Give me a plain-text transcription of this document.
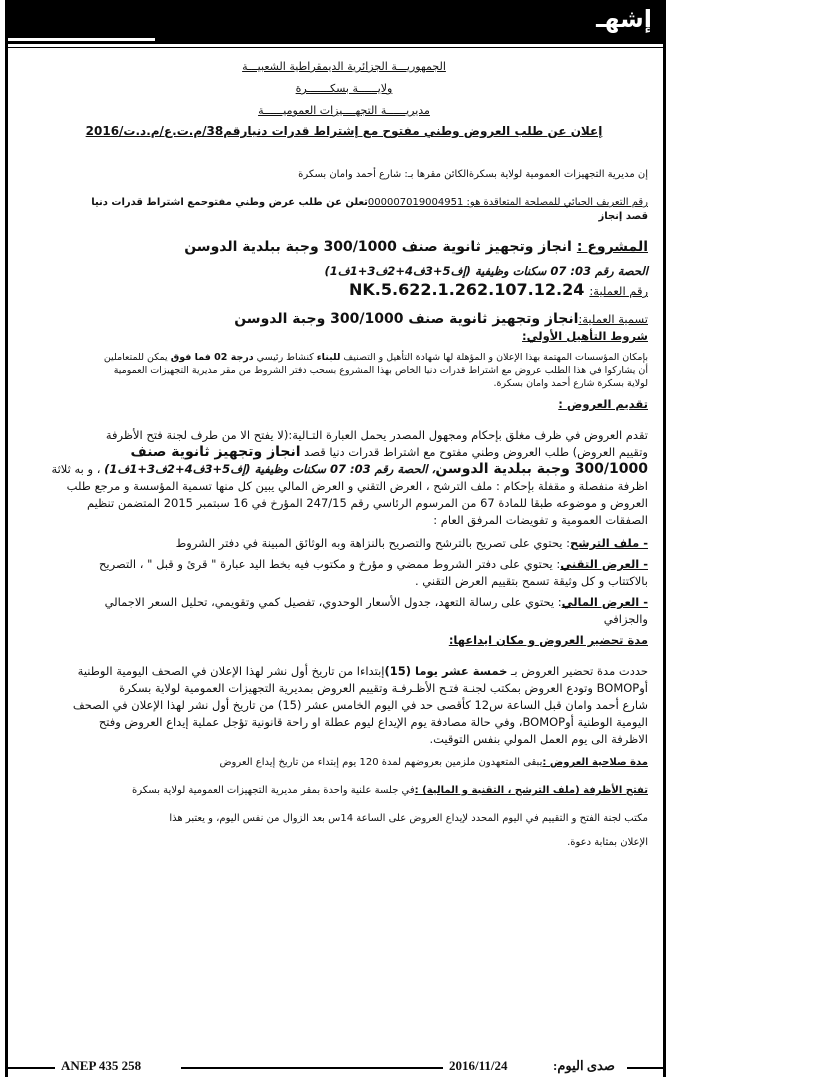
إشهـ
الجمهوريـــة الجزائرية الديمقراطية الشعبيـــة
ولايــــــة بسكـــــــرة
مديريــــــة التجهــــيزات العموميــــــة
إعلان عن طلب العروض وطني مفتوح مع إشتراط قدرات دنيارقم38/م.ت.ع/م.د.ت/2016

إن مديرية التجهيزات العمومية لولاية بسكرةالكائن مقرها بـ: شارع أحمد وامان بسكرة

رقم التعريف الجبائي للمصلحة المتعاقدة هو: 000007019004951تعلن عن طلب عرض وطني مفتوحمع اشتراط قدرات دنيا

قصد إنجاز

المشروع : انجاز وتجهيز ثانوية صنف 300/1000 وجبة ببلدية الدوسن

الحصة رقم 03: 07 سكنات وظيفية (إف5+3ف4+2ف3+1ف1)

رقم العملية: NK.5.622.1.262.107.12.24

تسمية العملية:انجاز وتجهيز ثانوية صنف 300/1000 وجبة الدوسن

شروط التأهيل الأولي:

بإمكان المؤسسات المهتمة بهذا الإعلان و المؤهلة لها شهادة التأهيل و التصنيف للبناء كنشاط رئيسي درجة 02 فما فوق يمكن للمتعاملين

أن يشاركوا في هذا الطلب عروض مع اشتراط قدرات دنيا الخاص بهذا المشروع بسحب دفتر الشروط من مقر مديرية التجهيزات العمومية

لولاية بسكرة شارع أحمد وامان بسكرة.

تقديم العروض :

تقدم العروض في ظرف مغلق بإحكام ومجهول المصدر يحمل العبارة التـالية:(لا يفتح الا من طرف لجنة فتح الأظرفة

وتقييم العروض) طلب العروض وطني مفتوح مع اشتراط قدرات دنيا قصد انجاز وتجهيز ثانوية صنف

300/1000 وجبة ببلدية الدوسن، الحصة رقم 03: 07 سكنات وظيفية (إف5+3ف4+2ف3+1ف1) ، و به ثلاثة

اظرفة منفصلة و مقفلة بإحكام : ملف الترشح ، العرض التقني و العرض المالي يبين كل منها تسمية المؤسسة و مرجع طلب

العروض و موضوعه طبقا للمادة 67 من المرسوم الرئاسي رقم 247/15 المؤرخ في 16 سبتمبر 2015 المتضمن تنظيم

الصفقات العمومية و تفويضات المرفق العام :

- ملف الترشح: يحتوي على تصريح بالترشح والتصريح بالنزاهة وبه الوثائق المبينة في دفتر الشروط

- العرض التقني: يحتوي على دفتر الشروط ممضي و مؤرخ و مكتوب فيه بخط اليد عبارة " قرئ و قبل " ، التصريح

بالاكتتاب و كل وثيقة تسمح بتقييم العرض التقني .

- العرض المالي: يحتوي على رسالة التعهد، جدول الأسعار الوحدوي، تفصيل كمي وتقويمي، تحليل السعر الاجمالي

والجزافي

مدة تحضير العروض و مكان ايداعها:

حددت مدة تحضير العروض بـ خمسة عشر يوما (15)إبتداءا من تاريخ أول نشر لهذا الإعلان في الصحف اليومية الوطنية

أوBOMOP وتودع العروض بمكتب لجنـة فتـح الأظـرفـة وتقييم العروض بمديرية التجهيزات العمومية لولاية بسكرة

شارع أحمد وامان قبل الساعة س12 كأقصى حد في اليوم الخامس عشر (15) من تاريخ أول نشر لهذا الإعلان في الصحف

اليومية الوطنية أوBOMOP، وفي حالة مصادفة يوم الإيداع ليوم عطلة او راحة قانونية تؤجل عملية إيداع العروض وفتح

الاظرفة الى يوم العمل المولي بنفس التوقيت.

مدة صلاحية العروض :يبقى المتعهدون ملزمين بعروضهم لمدة 120 يوم إبتداء من تاريخ إيداع العروض

تفتح الأظرفة (ملف الترشح ، التقنية و المالية) :في جلسة علنية واحدة بمقر مديرية التجهيزات العمومية لولاية بسكرة

مكتب لجنة الفتح و التقييم في اليوم المحدد لإيداع العروض على الساعة 14س بعد الزوال من نفس اليوم، و يعتبر هذا

الإعلان بمثابة دعوة.

ANEP 435 258	2016/11/24	صدى اليوم:
